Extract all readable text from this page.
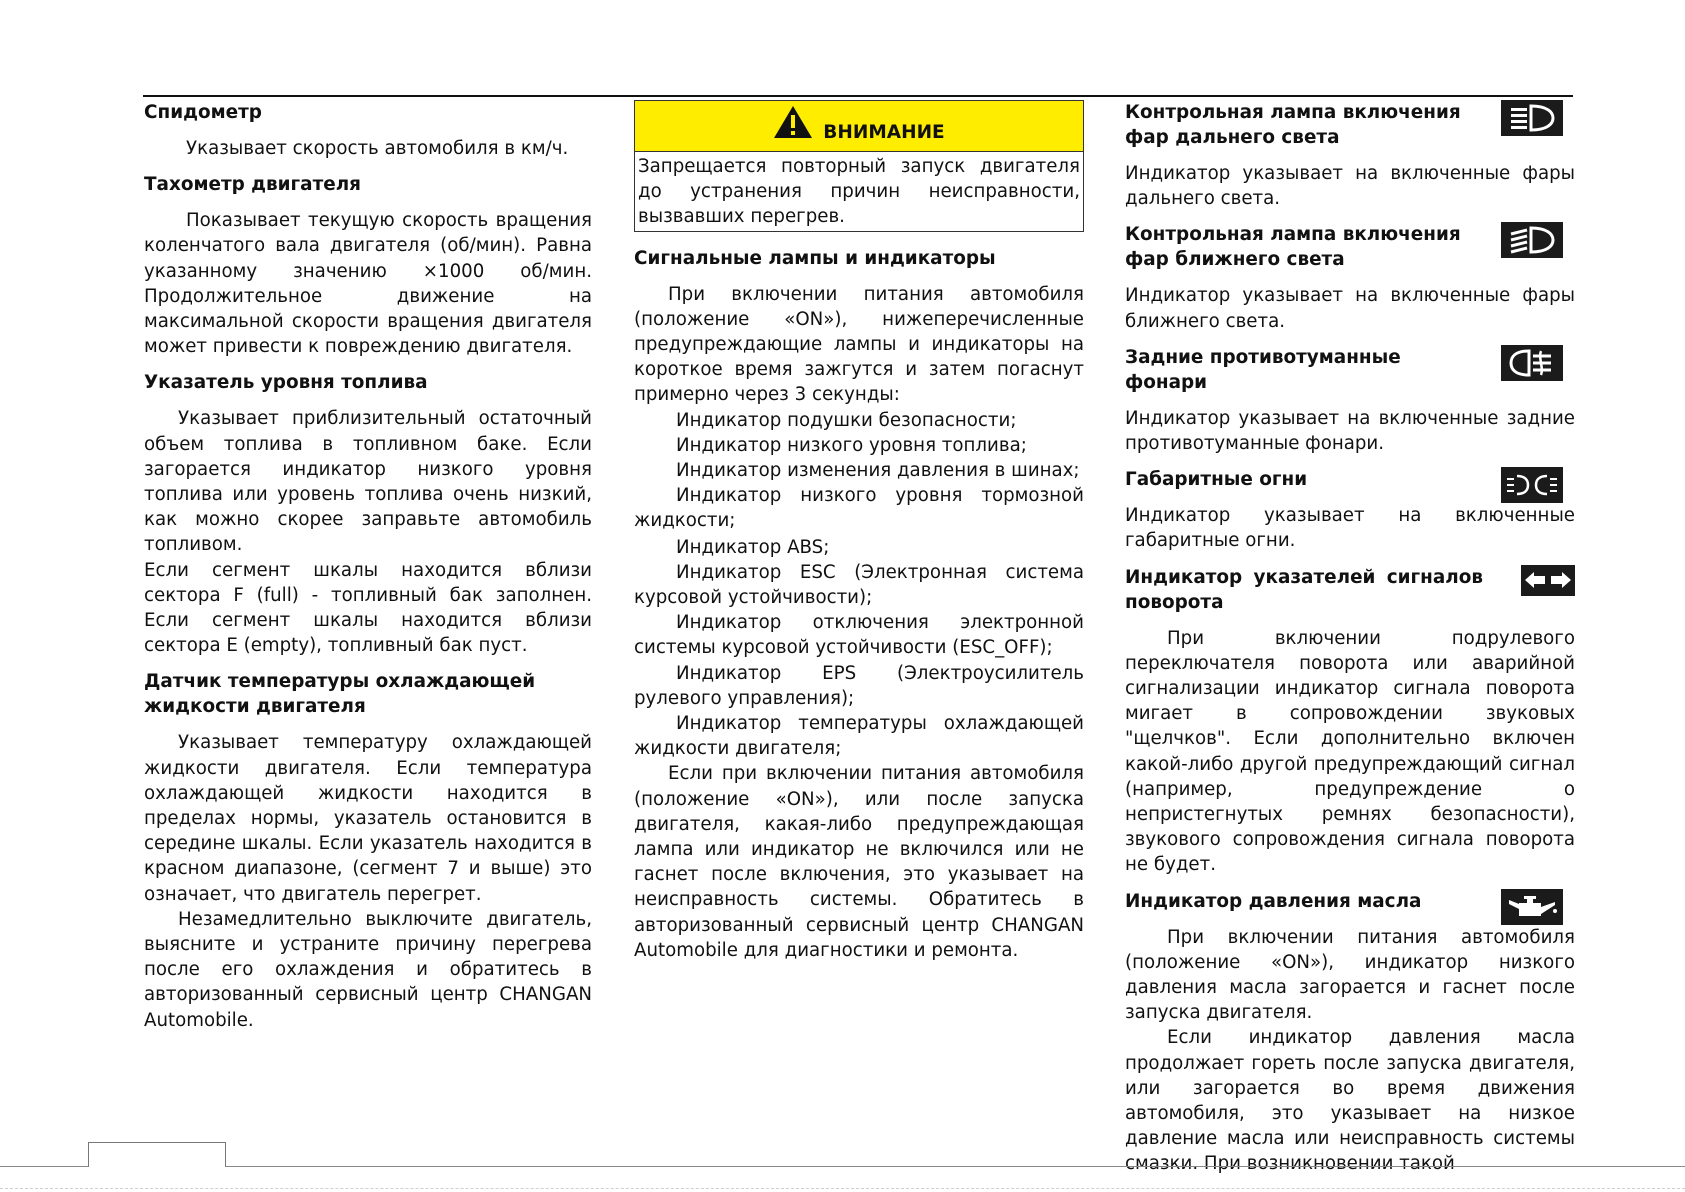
Спидометр

Указывает скорость автомобиля в км/ч.

Тахометр двигателя

Показывает текущую скорость вращения коленчатого вала двигателя (об/мин). Равна указанному значению ×1000 об/мин. Продолжительное движение на максимальной скорости вращения двигателя может привести к повреждению двигателя.

Указатель уровня топлива

Указывает приблизительный остаточный объем топлива в топливном баке. Если загорается индикатор низкого уровня топлива или уровень топлива очень низкий, как можно скорее заправьте автомобиль топливом.

Если сегмент шкалы находится вблизи сектора F (full) - топливный бак заполнен. Если сегмент шкалы находится вблизи сектора E (empty), топливный бак пуст.

Датчик температуры охлаждающей жидкости двигателя

Указывает температуру охлаждающей жидкости двигателя. Если температура охлаждающей жидкости находится в пределах нормы, указатель остановится в середине шкалы. Если указатель находится в красном диапазоне, (сегмент 7 и выше) это означает, что двигатель перегрет.

Незамедлительно выключите двигатель, выясните и устраните причину перегрева после его охлаждения и обратитесь в авторизованный сервисный центр CHANGAN Automobile.

ВНИМАНИЕ
Запрещается повторный запуск двигателя до устранения причин неисправности, вызвавших перегрев.
Сигнальные лампы и индикаторы

При включении питания автомобиля (положение «ON»), нижеперечисленные предупреждающие лампы и индикаторы на короткое время зажгутся и затем погаснут примерно через 3 секунды:

Индикатор подушки безопасности;

Индикатор низкого уровня топлива;

Индикатор изменения давления в шинах;

Индикатор низкого уровня тормозной жидкости;

Индикатор ABS;

Индикатор ESC (Электронная система курсовой устойчивости);

Индикатор отключения электронной системы курсовой устойчивости (ESC_OFF);

Индикатор EPS (Электроусилитель рулевого управления);

Индикатор температуры охлаждающей жидкости двигателя;

Если при включении питания автомобиля (положение «ON»), или после запуска двигателя, какая-либо предупреждающая лампа или индикатор не включился или не гаснет после включения, это указывает на неисправность системы. Обратитесь в авторизованный сервисный центр CHANGAN Automobile для диагностики и ремонта.

Контрольная лампа включения фар дальнего света

Индикатор указывает на включенные фары дальнего света.

Контрольная лампа включения фар ближнего света

Индикатор указывает на включенные фары ближнего света.

Задние противотуманные фонари

Индикатор указывает на включенные задние противотуманные фонари.

Габаритные огни

Индикатор указывает на включенные габаритные огни.

Индикатор указателей сигналов поворота

При включении подрулевого переключателя поворота или аварийной сигнализации индикатор сигнала поворота мигает в сопровождении звуковых "щелчков". Если дополнительно включен какой-либо другой предупреждающий сигнал (например, предупреждение о непристегнутых ремнях безопасности), звукового сопровождения сигнала поворота не будет.

Индикатор давления масла

При включении питания автомобиля (положение «ON»), индикатор низкого давления масла загорается и гаснет после запуска двигателя.

Если индикатор давления масла продолжает гореть после запуска двигателя, или загорается во время движения автомобиля, это указывает на низкое давление масла или неисправность системы смазки. При возникновении такой
